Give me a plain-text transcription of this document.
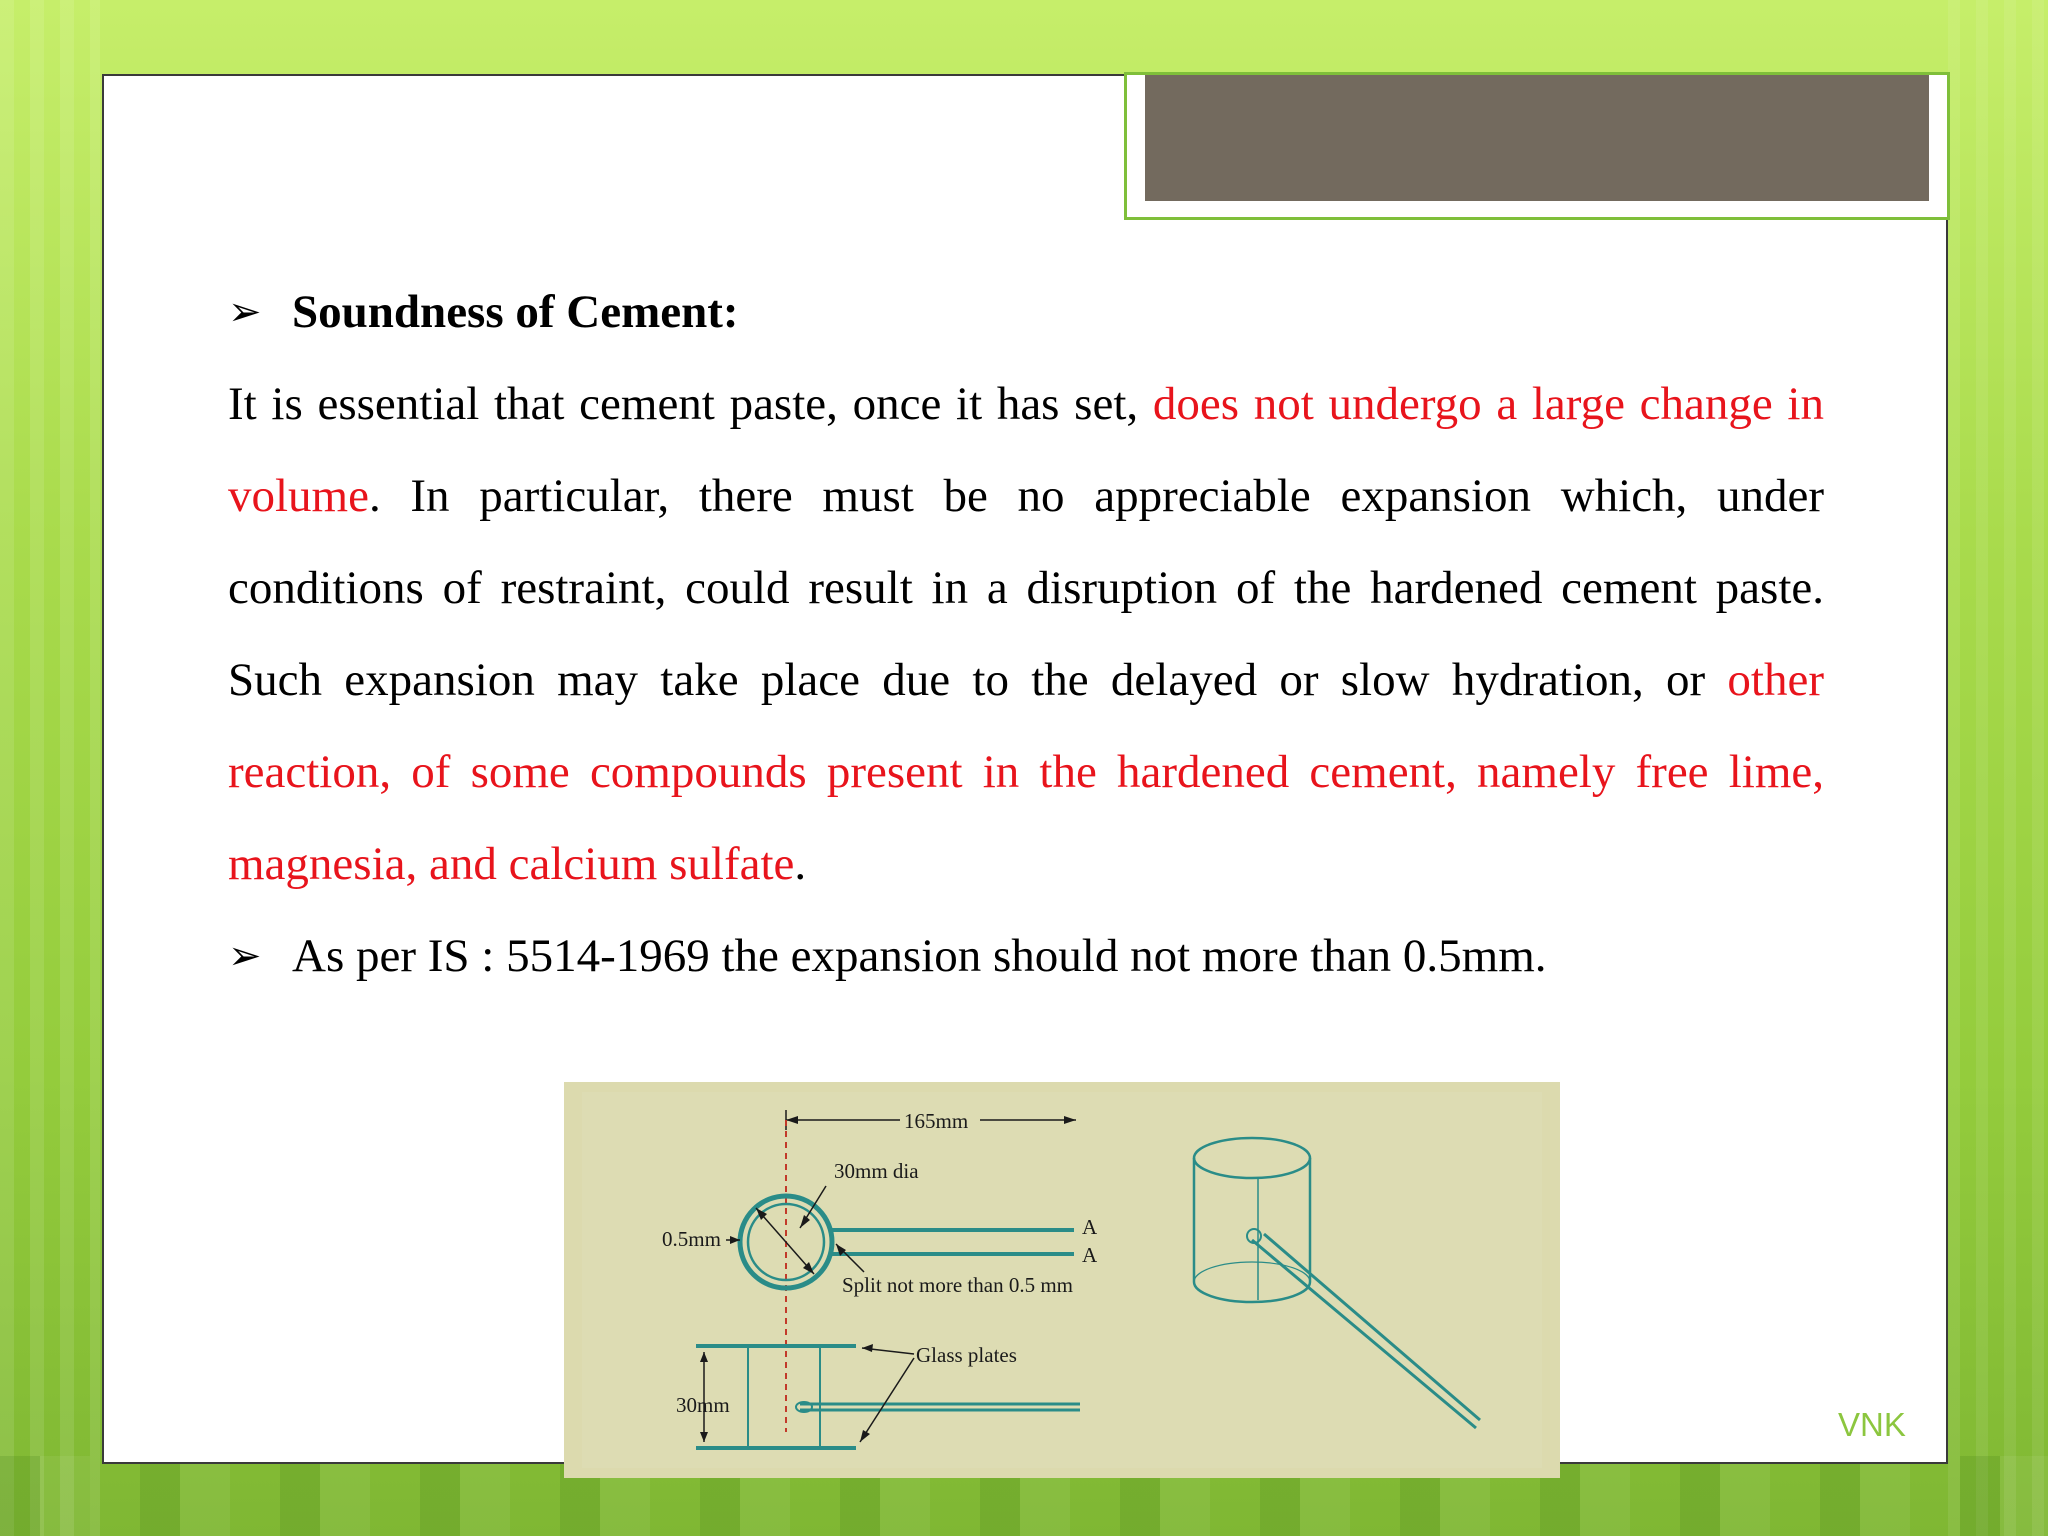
➢ Soundness of Cement:
It is essential that cement paste, once it has set, does not undergo a large change in volume. In particular, there must be no appreciable expansion which, under conditions of restraint, could result in a disruption of the hardened cement paste. Such expansion may take place due to the delayed or slow hydration, or other reaction, of some compounds present in the hardened cement, namely free lime, magnesia, and calcium sulfate.
➢ As per IS : 5514-1969 the expansion should not more than 0.5mm.
165mm
30mm dia
0.5mm	A
A
Split not more than 0.5 mm
30mm
Glass plates
VNK
